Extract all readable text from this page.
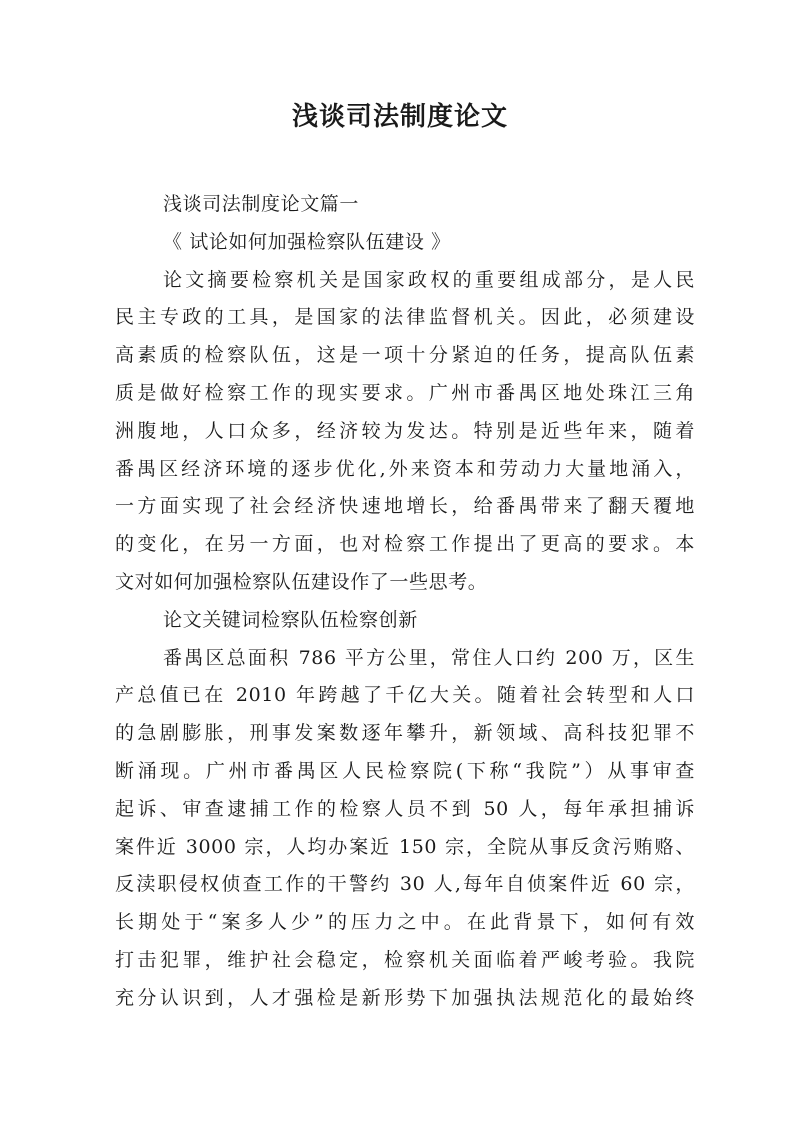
浅谈司法制度论文
浅谈司法制度论文篇一
《 试论如何加强检察队伍建设 》
论文摘要检察机关是国家政权的重要组成部分，是人民
民主专政的工具，是国家的法律监督机关。因此，必须建设
高素质的检察队伍，这是一项十分紧迫的任务，提高队伍素
质是做好检察工作的现实要求。广州市番禺区地处珠江三角
洲腹地，人口众多，经济较为发达。特别是近些年来，随着
番禺区经济环境的逐步优化,外来资本和劳动力大量地涌入，
一方面实现了社会经济快速地增长，给番禺带来了翻天覆地
的变化，在另一方面，也对检察工作提出了更高的要求。本
文对如何加强检察队伍建设作了一些思考。
论文关键词检察队伍检察创新
番禺区总面积 786 平方公里，常住人口约 200 万，区生
产总值已在 2010 年跨越了千亿大关。随着社会转型和人口
的急剧膨胀，刑事发案数逐年攀升，新领域、高科技犯罪不
断涌现。广州市番禺区人民检察院(下称“我院”）从事审查
起诉、审查逮捕工作的检察人员不到 50 人，每年承担捕诉
案件近 3000 宗，人均办案近 150 宗，全院从事反贪污贿赂、
反渎职侵权侦查工作的干警约 30 人,每年自侦案件近 60 宗，
长期处于“案多人少”的压力之中。在此背景下，如何有效
打击犯罪，维护社会稳定，检察机关面临着严峻考验。我院
充分认识到，人才强检是新形势下加强执法规范化的最始终
